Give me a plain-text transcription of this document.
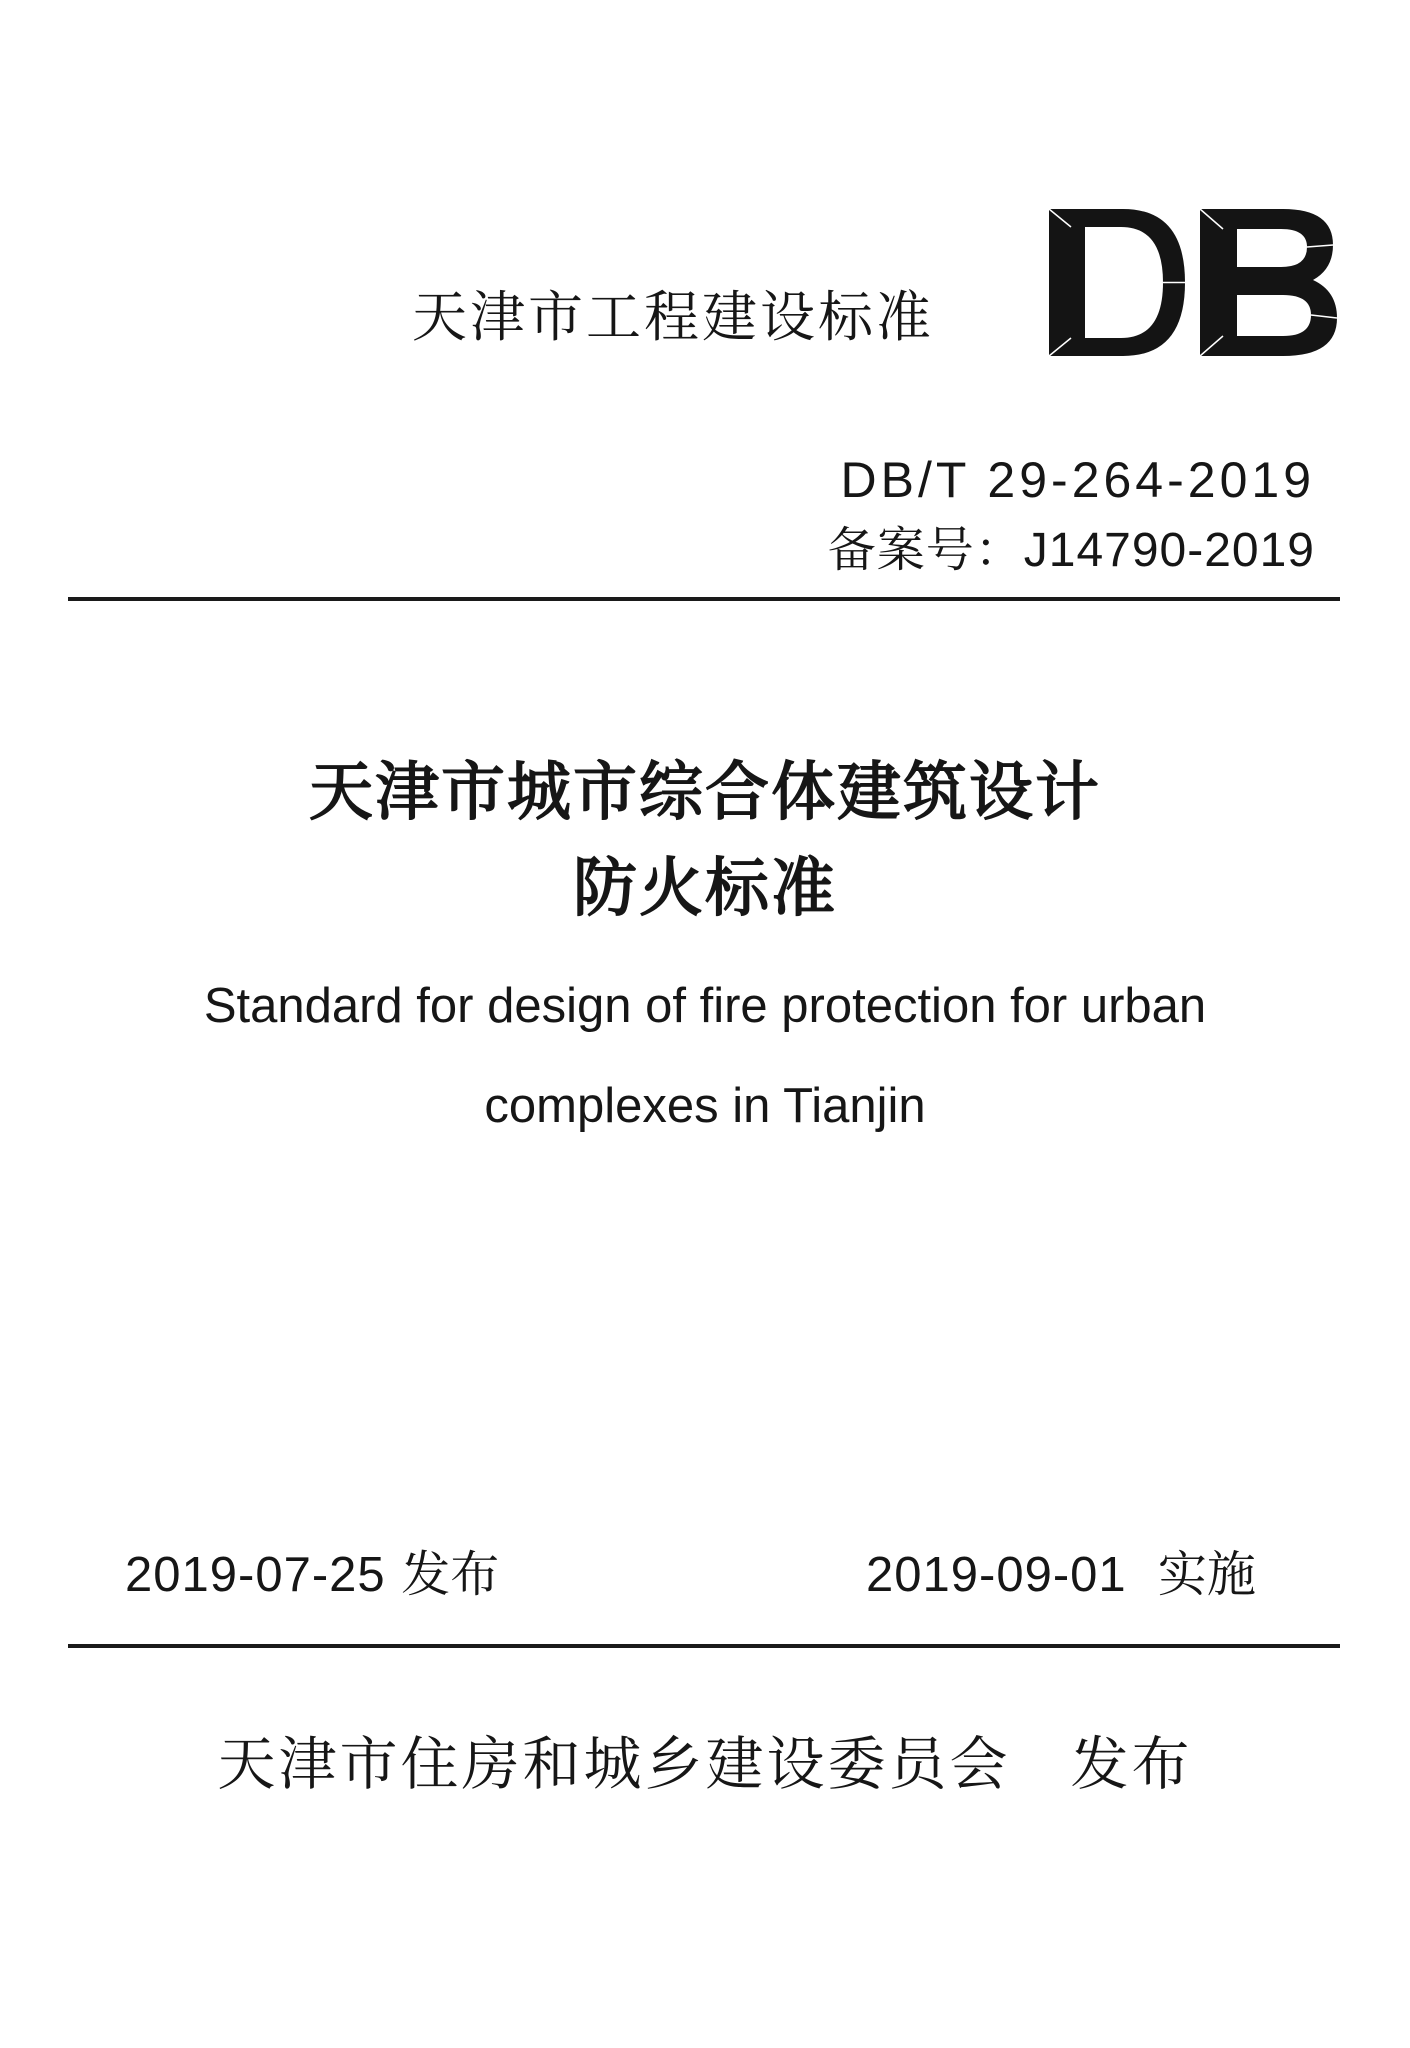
天津市工程建设标准
DB/T 29-264-2019
备案号：J14790-2019
天津市城市综合体建筑设计
防火标准
Standard for design of fire protection for urban
complexes in Tianjin
2019-07-25 发布	2019-09-01 实施
天津市住房和城乡建设委员会 发布
